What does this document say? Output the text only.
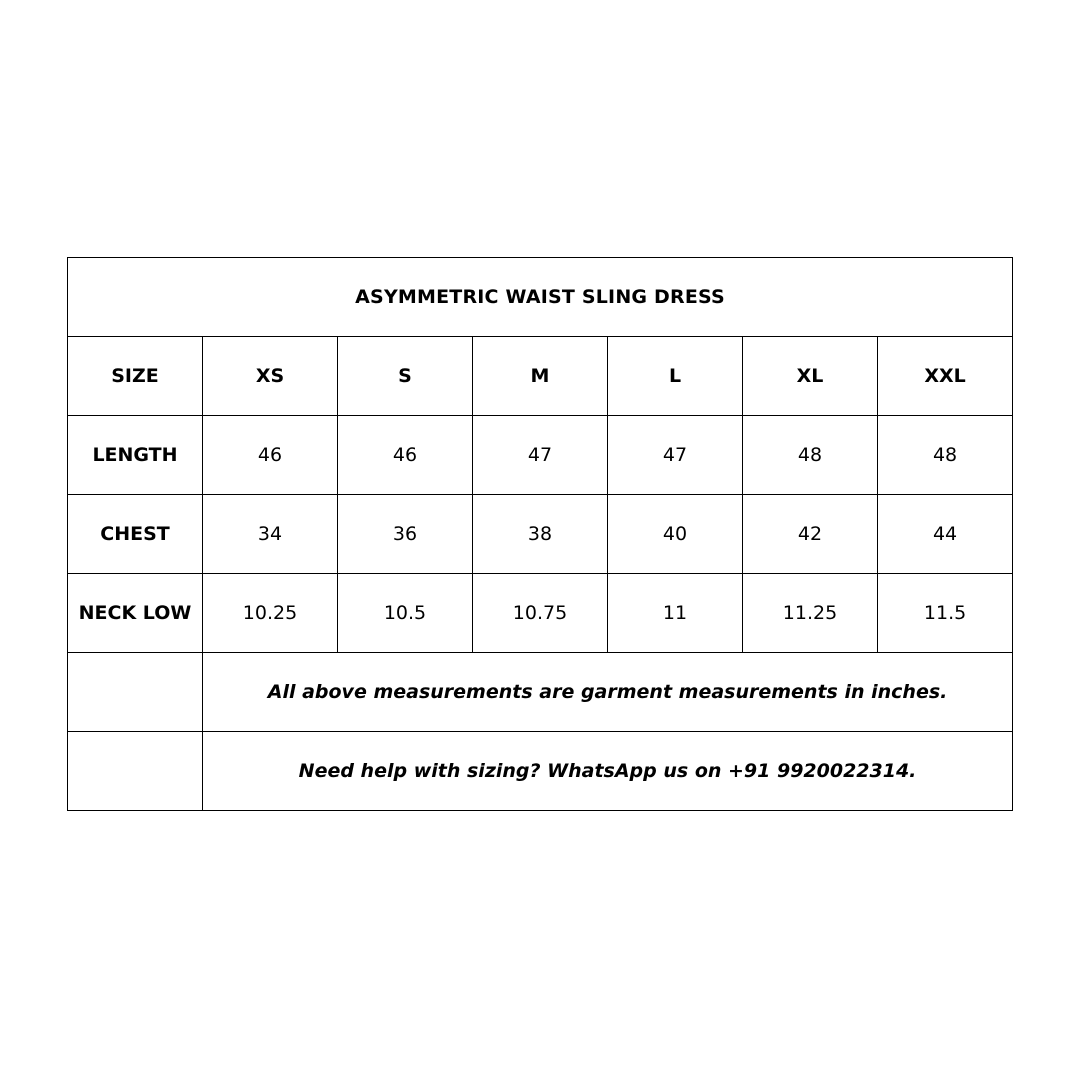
ASYMMETRIC WAIST SLING DRESS						
SIZE	XS	S	M	L	XL	XXL
LENGTH	46	46	47	47	48	48
CHEST	34	36	38	40	42	44
NECK LOW	10.25	10.5	10.75	11	11.25	11.5
	All above measurements are garment measurements in inches.					
	Need help with sizing? WhatsApp us on +91 9920022314.					
